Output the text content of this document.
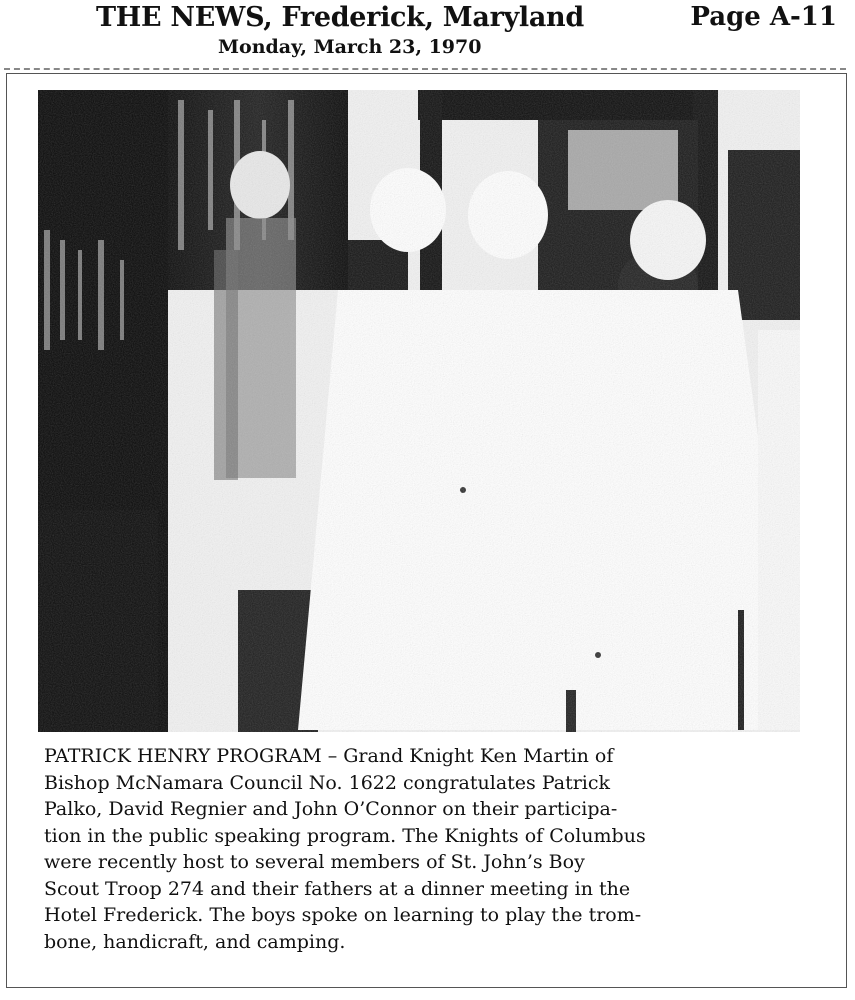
THE NEWS, Frederick, Maryland	Page A-11
Monday, March 23, 1970
PATRICK HENRY PROGRAM – Grand Knight Ken Martin of
Bishop McNamara Council No. 1622 congratulates Patrick
Palko, David Regnier and John O’Connor on their participa-
tion in the public speaking program. The Knights of Columbus
were recently host to several members of St. John’s Boy
Scout Troop 274 and their fathers at a dinner meeting in the
Hotel Frederick. The boys spoke on learning to play the trom-
bone, handicraft, and camping.
